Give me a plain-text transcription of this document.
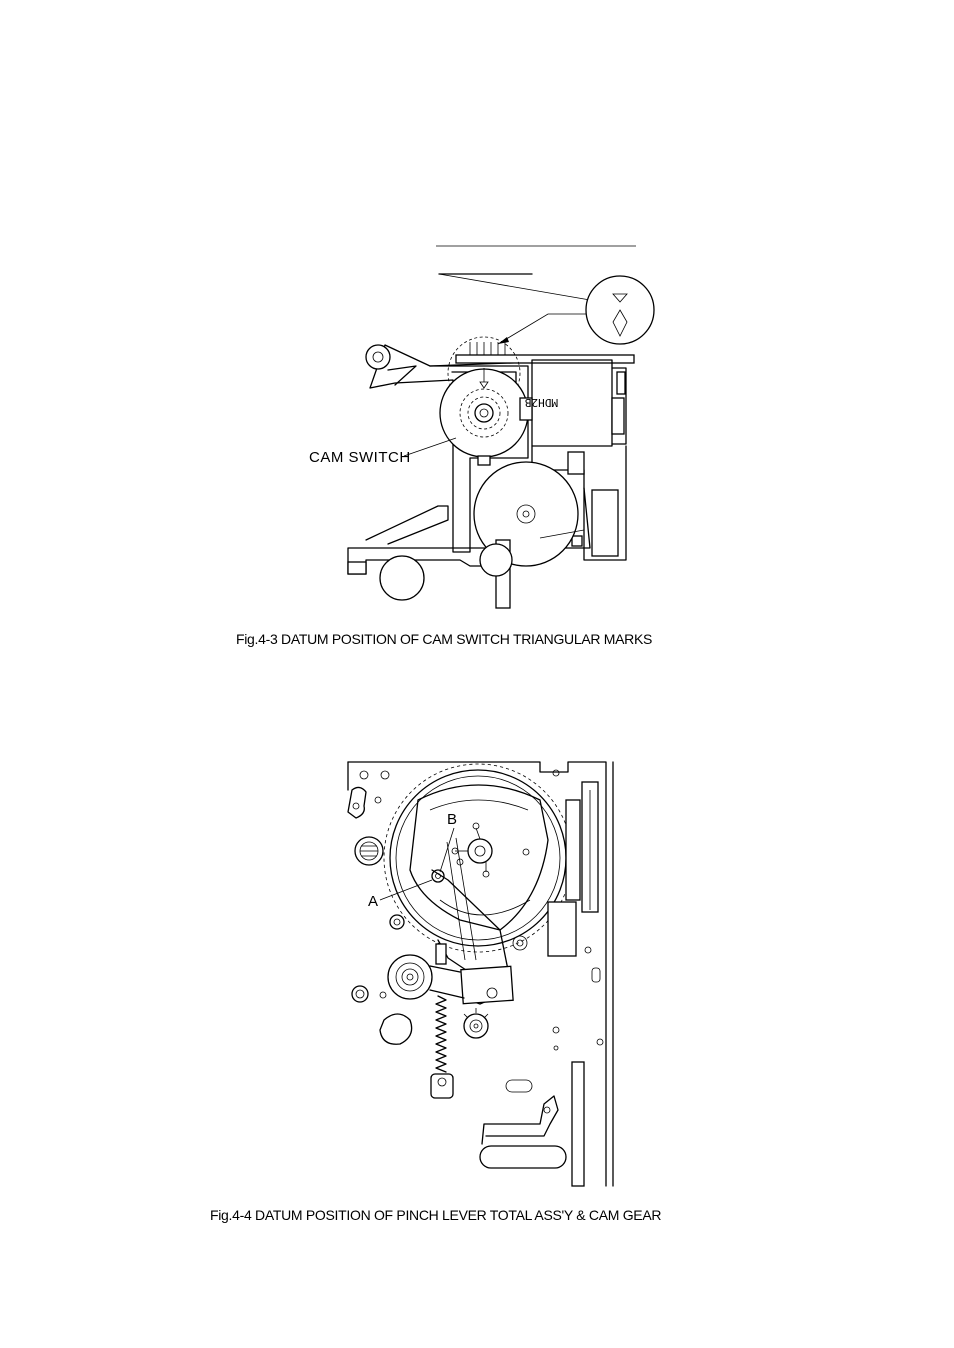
MDH2B
CAM SWITCH
Fig.4-3 DATUM POSITION OF CAM SWITCH TRIANGULAR MARKS
A
B
Fig.4-4 DATUM POSITION OF PINCH LEVER TOTAL ASS'Y & CAM GEAR
